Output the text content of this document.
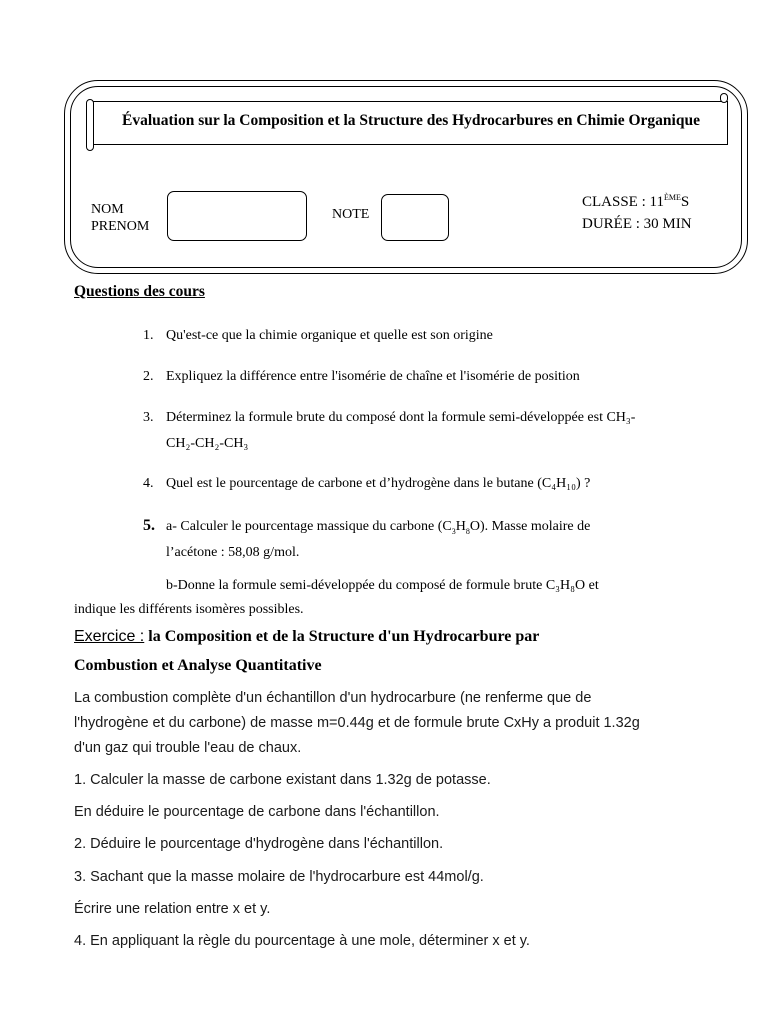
Évaluation sur la Composition et la Structure des Hydrocarbures en Chimie Organique
NOM
PRENOM
NOTE
CLASSE : 11ÈMES
DURÉE : 30 MIN
Questions des cours
1. Qu'est-ce que la chimie organique et quelle est son origine
2. Expliquez la différence entre l'isomérie de chaîne et l'isomérie de position
3. Déterminez la formule brute du composé dont la formule semi-développée est CH₃-
CH₂-CH₂-CH₃
4. Quel est le pourcentage de carbone et d’hydrogène dans le butane (C₄H₁₀) ?
5. a- Calculer le pourcentage massique du carbone $(C_3H_8O)$. Masse molaire de
l’acétone : 58,08 g/mol.
b-Donne la formule semi-développée du composé de formule brute C₃H₈O et
indique les différents isomères possibles.
Exercice : la Composition et de la Structure d'un Hydrocarbure par
Combustion et Analyse Quantitative
La combustion complète d'un échantillon d'un hydrocarbure (ne renferme que de
l'hydrogène et du carbone) de masse m=0.44g et de formule brute CxHy a produit 1.32g
d'un gaz qui trouble l'eau de chaux.
1. Calculer la masse de carbone existant dans 1.32g de potasse.
En déduire le pourcentage de carbone dans l'échantillon.
2. Déduire le pourcentage d'hydrogène dans l'échantillon.
3. Sachant que la masse molaire de l'hydrocarbure est 44mol/g.
Écrire une relation entre x et y.
4. En appliquant la règle du pourcentage à une mole, déterminer x et y.
